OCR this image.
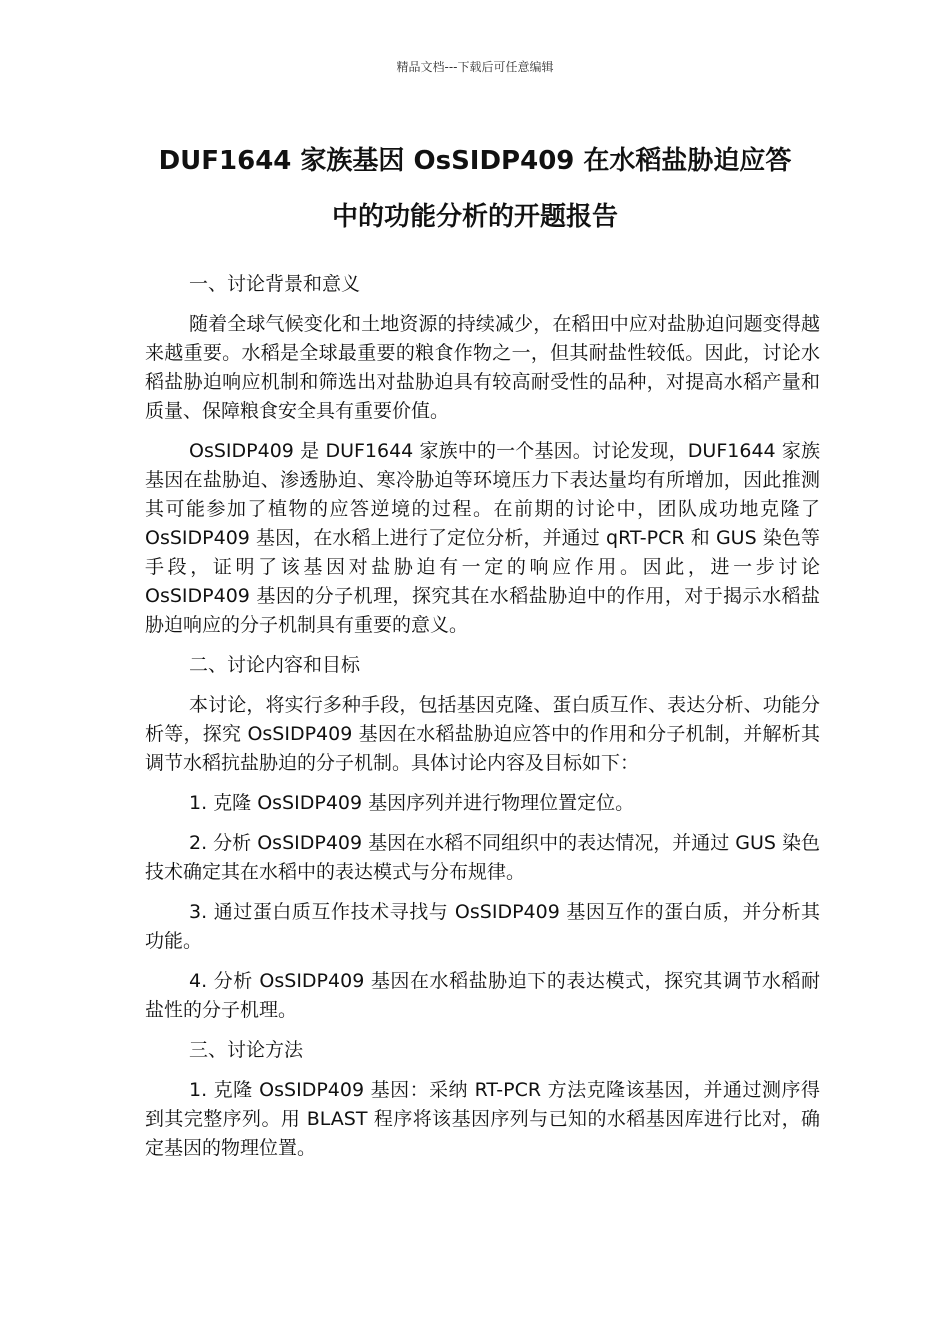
精品文档---下载后可任意编辑
DUF1644 家族基因 OsSIDP409 在水稻盐胁迫应答
中的功能分析的开题报告

一、讨论背景和意义

随着全球气候变化和土地资源的持续减少，在稻田中应对盐胁迫问题变得越来越重要。水稻是全球最重要的粮食作物之一，但其耐盐性较低。因此，讨论水稻盐胁迫响应机制和筛选出对盐胁迫具有较高耐受性的品种，对提高水稻产量和质量、保障粮食安全具有重要价值。

OsSIDP409 是 DUF1644 家族中的一个基因。讨论发现，DUF1644 家族基因在盐胁迫、渗透胁迫、寒冷胁迫等环境压力下表达量均有所增加，因此推测其可能参加了植物的应答逆境的过程。在前期的讨论中，团队成功地克隆了 OsSIDP409 基因，在水稻上进行了定位分析，并通过 qRT-PCR 和 GUS 染色等手段，证明了该基因对盐胁迫有一定的响应作用。因此，进一步讨论 OsSIDP409 基因的分子机理，探究其在水稻盐胁迫中的作用，对于揭示水稻盐胁迫响应的分子机制具有重要的意义。

二、讨论内容和目标

本讨论，将实行多种手段，包括基因克隆、蛋白质互作、表达分析、功能分析等，探究 OsSIDP409 基因在水稻盐胁迫应答中的作用和分子机制，并解析其调节水稻抗盐胁迫的分子机制。具体讨论内容及目标如下：

1. 克隆 OsSIDP409 基因序列并进行物理位置定位。

2. 分析 OsSIDP409 基因在水稻不同组织中的表达情况，并通过 GUS 染色技术确定其在水稻中的表达模式与分布规律。

3. 通过蛋白质互作技术寻找与 OsSIDP409 基因互作的蛋白质，并分析其功能。

4. 分析 OsSIDP409 基因在水稻盐胁迫下的表达模式，探究其调节水稻耐盐性的分子机理。

三、讨论方法

1. 克隆 OsSIDP409 基因：采纳 RT-PCR 方法克隆该基因，并通过测序得到其完整序列。用 BLAST 程序将该基因序列与已知的水稻基因库进行比对，确定基因的物理位置。
